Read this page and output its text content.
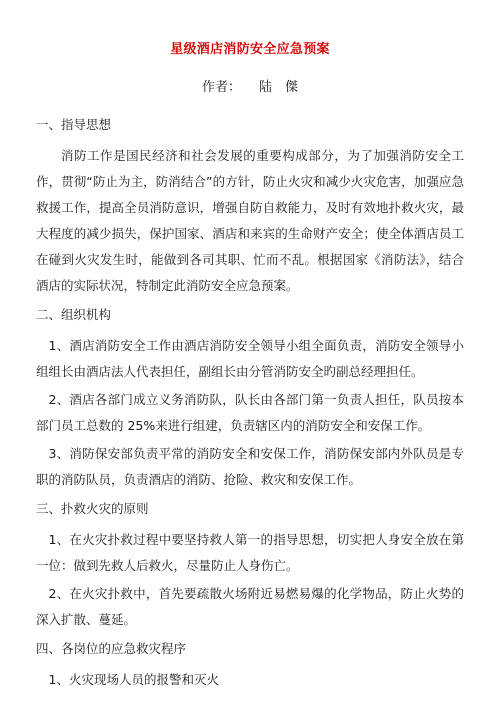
星级酒店消防安全应急预案
作者： 陆　傑
一、指导思想
消防工作是国民经济和社会发展的重要构成部分，为了加强消防安全工作，贯彻“防止为主，防消结合”的方针，防止火灾和减少火灾危害，加强应急救援工作，提高全员消防意识，增强自防自救能力，及时有效地扑救火灾，最大程度的减少损失，保护国家、酒店和来宾的生命财产安全；使全体酒店员工在碰到火灾发生时，能做到各司其职、忙而不乱。根据国家《消防法》，结合酒店的实际状况，特制定此消防安全应急预案。
二、组织机构
1、酒店消防安全工作由酒店消防安全领导小组全面负责，消防安全领导小组组长由酒店法人代表担任，副组长由分管消防安全旳副总经理担任。
2、酒店各部门成立义务消防队，队长由各部门第一负责人担任，队员按本部门员工总数的 25%来进行组建，负责辖区内的消防安全和安保工作。
3、消防保安部负责平常的消防安全和安保工作，消防保安部内外队员是专职的消防队员，负责酒店的消防、抢险、救灾和安保工作。
三、扑救火灾的原则
1、在火灾扑救过程中要坚持救人第一的指导思想，切实把人身安全放在第一位：做到先救人后救火，尽量防止人身伤亡。
2、在火灾扑救中，首先要疏散火场附近易燃易爆的化学物品，防止火势的深入扩散、蔓延。
四、各岗位的应急救灾程序
1、火灾现场人员的报警和灭火
